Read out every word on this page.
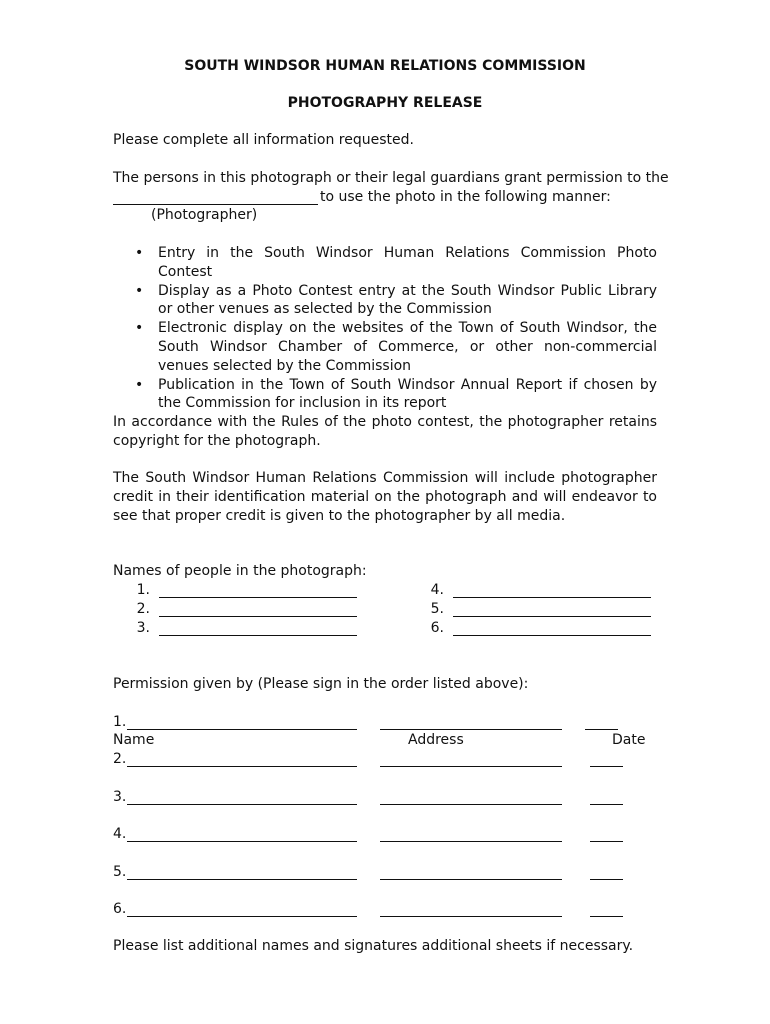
SOUTH WINDSOR HUMAN RELATIONS COMMISSION
PHOTOGRAPHY RELEASE
Please complete all information requested.
The persons in this photograph or their legal guardians grant permission to the
to use the photo in the following manner:
(Photographer)
• Entry in the South Windsor Human Relations Commission Photo Contest
• Display as a Photo Contest entry at the South Windsor Public Library or other venues as selected by the Commission
• Electronic display on the websites of the Town of South Windsor, the South Windsor Chamber of Commerce, or other non-commercial venues selected by the Commission
• Publication in the Town of South Windsor Annual Report if chosen by the Commission for inclusion in its report
In accordance with the Rules of the photo contest, the photographer retains copyright for the photograph.
The South Windsor Human Relations Commission will include photographer credit in their identification material on the photograph and will endeavor to see that proper credit is given to the photographer by all media.
Names of people in the photograph:
1.
2.
3.
4.
5.
6.
Permission given by (Please sign in the order listed above):
1.
Name	Address	Date
2.
3.
4.
5.
6.
Please list additional names and signatures additional sheets if necessary.
